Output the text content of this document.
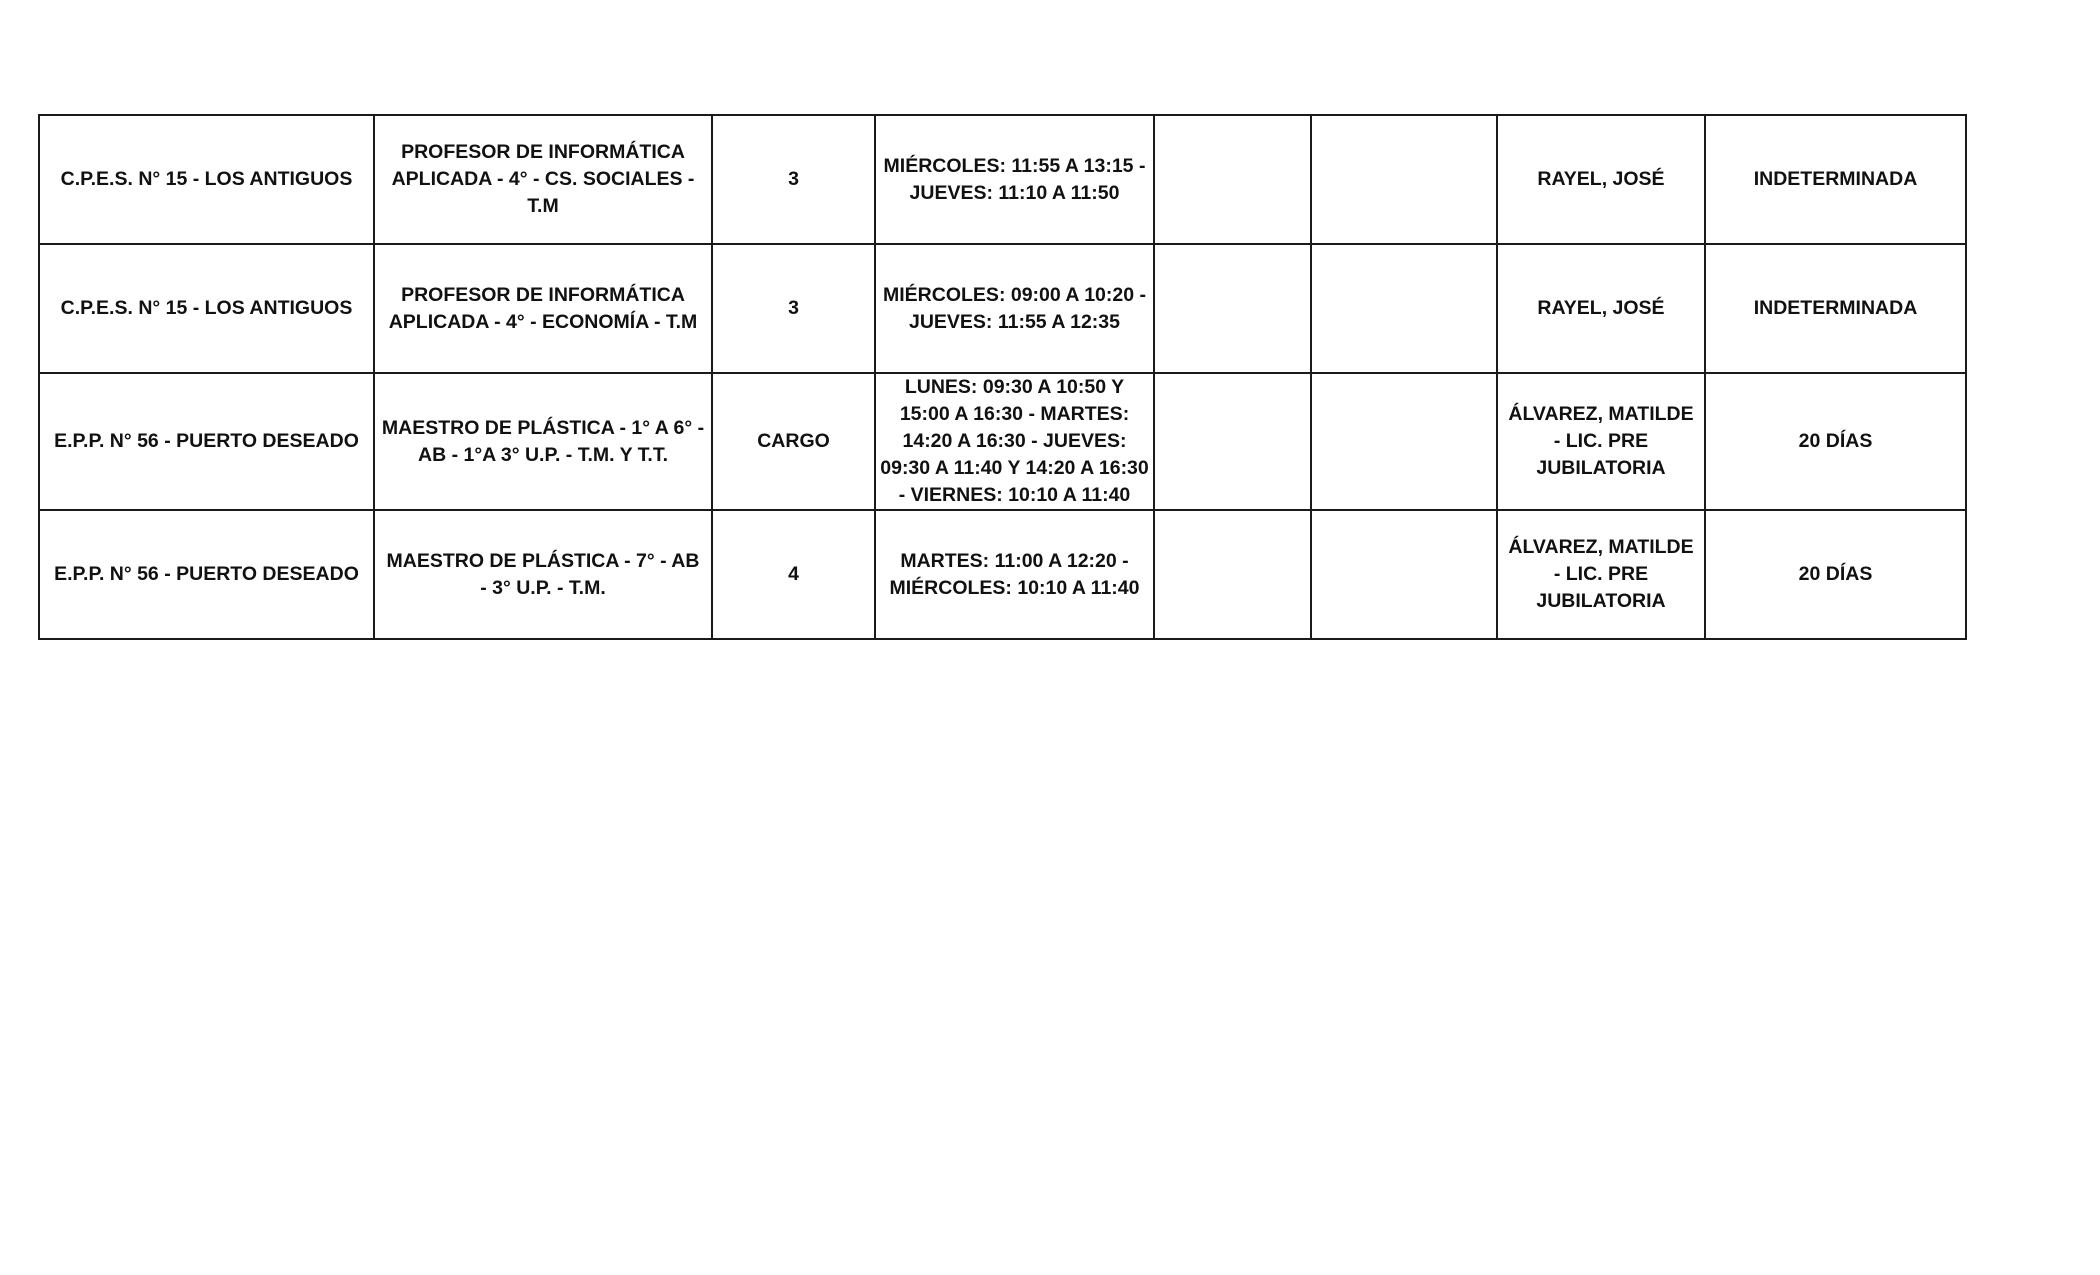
C.P.E.S. N° 15 - LOS ANTIGUOS	PROFESOR DE INFORMÁTICA APLICADA - 4° - CS. SOCIALES - T.M	3	MIÉRCOLES: 11:55 A 13:15 - JUEVES: 11:10 A 11:50			RAYEL, JOSÉ	INDETERMINADA
C.P.E.S. N° 15 - LOS ANTIGUOS	PROFESOR DE INFORMÁTICA APLICADA - 4° - ECONOMÍA - T.M	3	MIÉRCOLES: 09:00 A 10:20 - JUEVES: 11:55 A 12:35			RAYEL, JOSÉ	INDETERMINADA
E.P.P. N° 56 - PUERTO DESEADO	MAESTRO DE PLÁSTICA - 1° A 6° - AB - 1°A 3° U.P. - T.M. Y T.T.	CARGO	LUNES: 09:30 A 10:50 Y 15:00 A 16:30 - MARTES: 14:20 A 16:30 - JUEVES: 09:30 A 11:40 Y 14:20 A 16:30 - VIERNES: 10:10 A 11:40			ÁLVAREZ, MATILDE - LIC. PRE JUBILATORIA	20 DÍAS
E.P.P. N° 56 - PUERTO DESEADO	MAESTRO DE PLÁSTICA - 7° - AB - 3° U.P. - T.M.	4	MARTES: 11:00 A 12:20 - MIÉRCOLES: 10:10 A 11:40			ÁLVAREZ, MATILDE - LIC. PRE JUBILATORIA	20 DÍAS
